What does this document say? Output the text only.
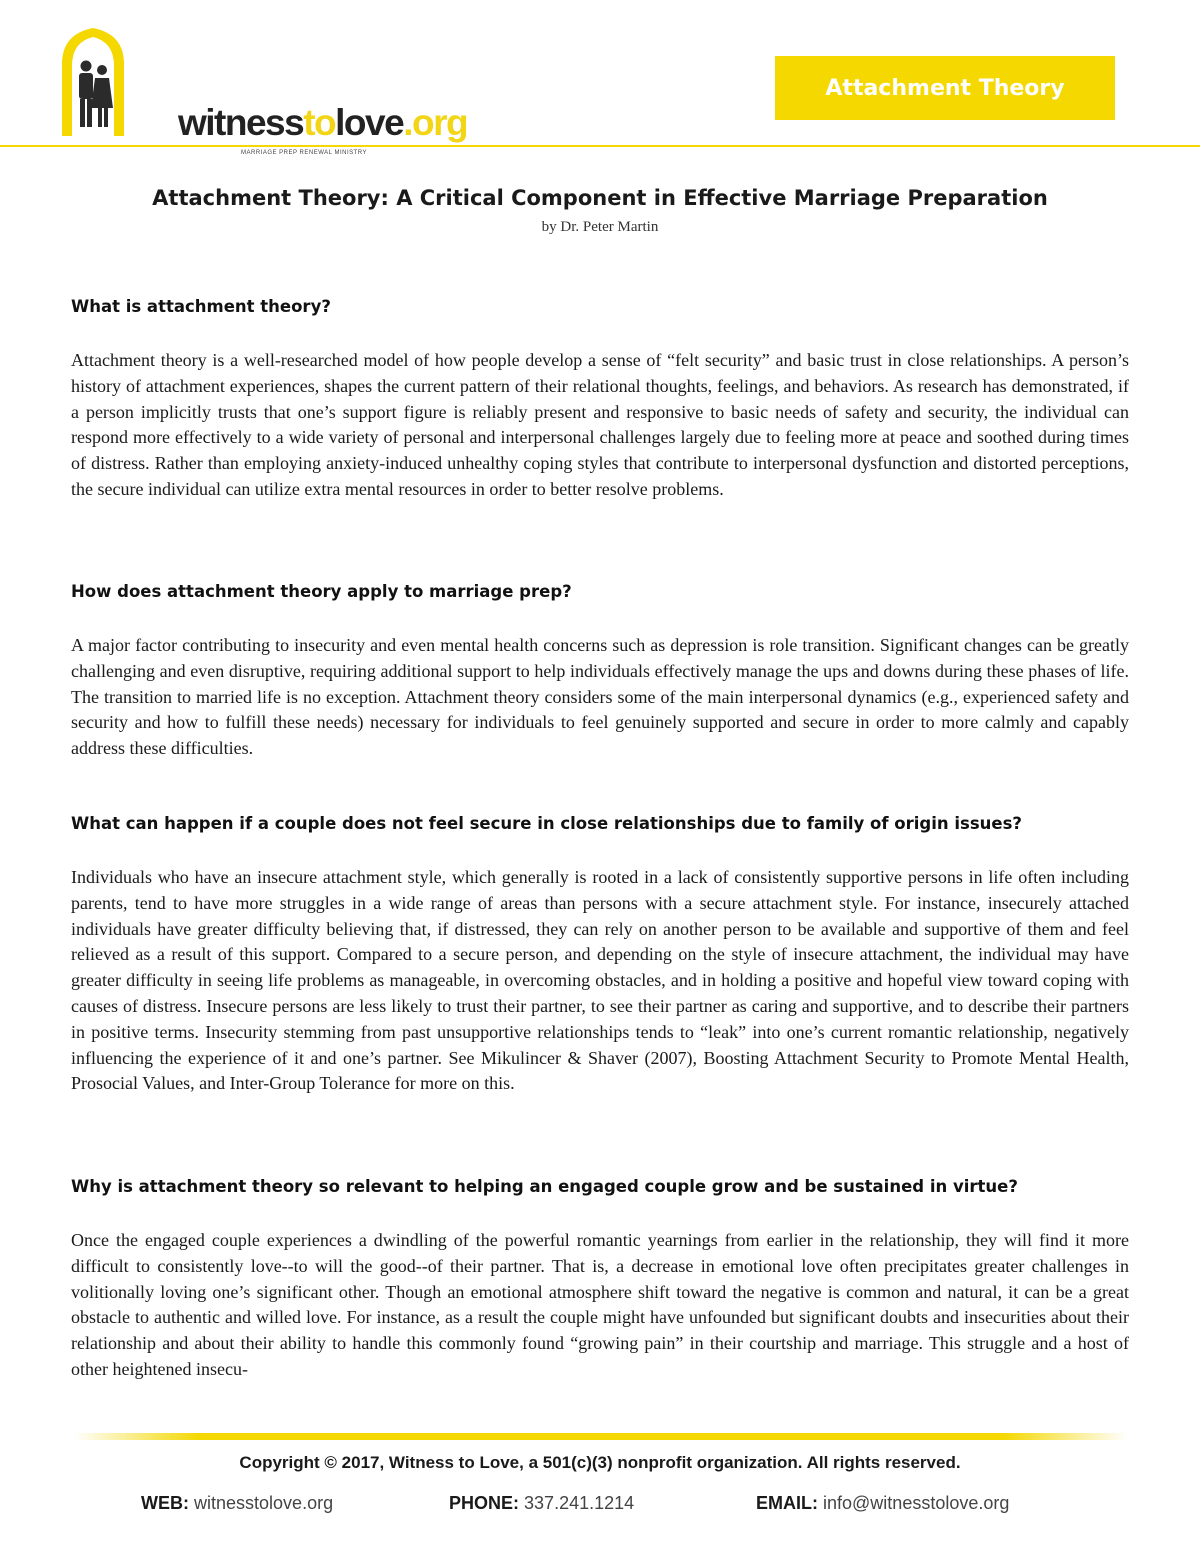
witnesstolove.org
MARRIAGE PREP RENEWAL MINISTRY
Attachment Theory
Attachment Theory: A Critical Component in Effective Marriage Preparation
by Dr. Peter Martin
What is attachment theory?

Attachment theory is a well-researched model of how people develop a sense of “felt security” and basic trust in close relationships. A person’s history of attachment experiences, shapes the current pattern of their relational thoughts, feelings, and behaviors. As research has demonstrated, if a person implicitly trusts that one’s support figure is reliably present and responsive to basic needs of safety and security, the individual can respond more effectively to a wide variety of personal and interpersonal challenges largely due to feeling more at peace and soothed during times of distress. Rather than employing anxiety-induced unhealthy coping styles that contribute to interpersonal dysfunction and distorted perceptions, the secure individual can utilize extra mental resources in order to better resolve problems.

How does attachment theory apply to marriage prep?

A major factor contributing to insecurity and even mental health concerns such as depression is role transition. Significant changes can be greatly challenging and even disruptive, requiring additional support to help individuals effectively manage the ups and downs during these phases of life. The transition to married life is no exception. Attachment theory considers some of the main interpersonal dynamics (e.g., experienced safety and security and how to fulfill these needs) necessary for individuals to feel genuinely supported and secure in order to more calmly and capably address these difficulties.

What can happen if a couple does not feel secure in close relationships due to family of origin issues?

Individuals who have an insecure attachment style, which generally is rooted in a lack of consistently supportive persons in life often including parents, tend to have more struggles in a wide range of areas than persons with a secure attachment style. For instance, insecurely attached individuals have greater difficulty believing that, if distressed, they can rely on another person to be available and supportive of them and feel relieved as a result of this support. Compared to a secure person, and depending on the style of insecure attachment, the individual may have greater difficulty in seeing life problems as manageable, in overcoming obstacles, and in holding a positive and hopeful view toward coping with causes of distress. Insecure persons are less likely to trust their partner, to see their partner as caring and supportive, and to describe their partners in positive terms. Insecurity stemming from past unsupportive relationships tends to “leak” into one’s current romantic relationship, negatively influencing the experience of it and one’s partner. See Mikulincer & Shaver (2007), Boosting Attachment Security to Promote Mental Health, Prosocial Values, and Inter-Group Tolerance for more on this.

Why is attachment theory so relevant to helping an engaged couple grow and be sustained in virtue?

Once the engaged couple experiences a dwindling of the powerful romantic yearnings from earlier in the relationship, they will find it more difficult to consistently love--to will the good--of their partner. That is, a decrease in emotional love often precipitates greater challenges in volitionally loving one’s significant other. Though an emotional atmosphere shift toward the negative is common and natural, it can be a great obstacle to authentic and willed love. For instance, as a result the couple might have unfounded but significant doubts and insecurities about their relationship and about their ability to handle this commonly found “growing pain” in their courtship and marriage. This struggle and a host of other heightened insecu-

Copyright © 2017, Witness to Love, a 501(c)(3) nonprofit organization. All rights reserved.
WEB: witnesstolove.org	PHONE: 337.241.1214	EMAIL: info@witnesstolove.org
